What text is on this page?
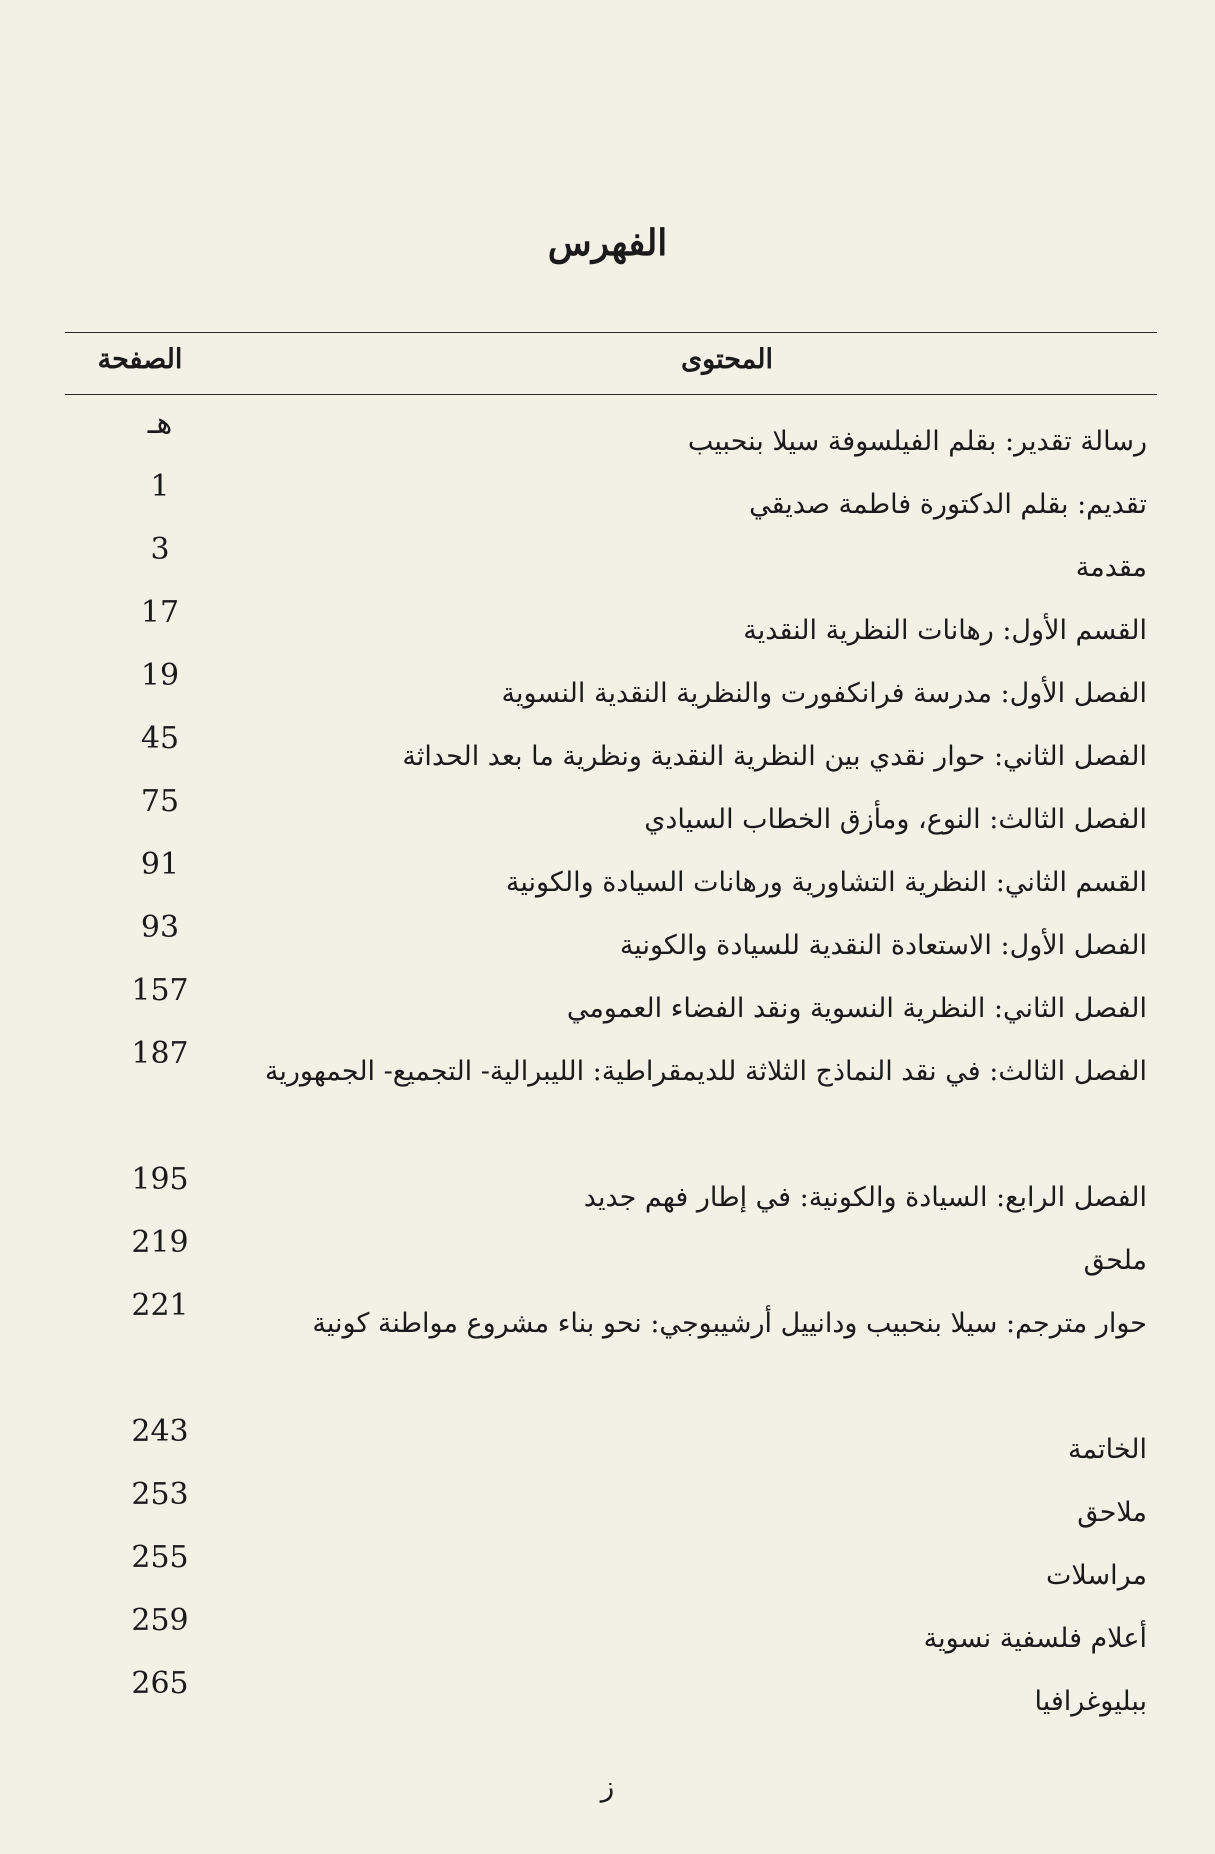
الفهرس
المحتوى
الصفحة
رسالة تقدير: بقلم الفيلسوفة سيلا بنحبيب
هـ
تقديم: بقلم الدكتورة فاطمة صديقي
1
مقدمة
3
القسم الأول: رهانات النظرية النقدية
17
الفصل الأول: مدرسة فرانكفورت والنظرية النقدية النسوية
19
الفصل الثاني: حوار نقدي بين النظرية النقدية ونظرية ما بعد الحداثة
45
الفصل الثالث: النوع، ومأزق الخطاب السيادي
75
القسم الثاني: النظرية التشاورية ورهانات السيادة والكونية
91
الفصل الأول: الاستعادة النقدية للسيادة والكونية
93
الفصل الثاني: النظرية النسوية ونقد الفضاء العمومي
157
الفصل الثالث: في نقد النماذج الثلاثة للديمقراطية: الليبرالية- التجميع- الجمهورية
187
الفصل الرابع: السيادة والكونية: في إطار فهم جديد
195
ملحق
219
حوار مترجم: سيلا بنحبيب ودانييل أرشيبوجي: نحو بناء مشروع مواطنة كونية
221
الخاتمة
243
ملاحق
253
مراسلات
255
أعلام فلسفية نسوية
259
ببليوغرافيا
265
ز
